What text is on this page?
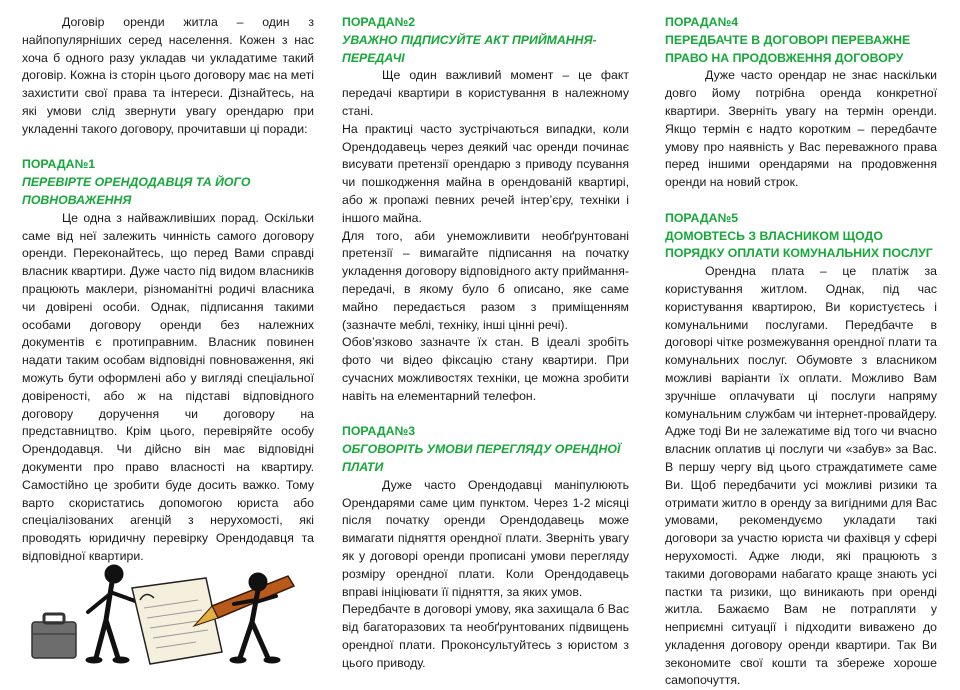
Договір оренди житла – один з найпопулярніших серед населення. Кожен з нас хоча б одного разу укладав чи укладатиме такий договір. Кожна із сторін цього договору має на меті захистити свої права та інтереси. Дізнайтесь, на які умови слід звернути увагу орендарю при укладенні такого договору, прочитавши ці поради:

ПОРАДА№1
ПЕРЕВІРТЕ ОРЕНДОДАВЦЯ ТА ЙОГО ПОВНОВАЖЕННЯ

Це одна з найважливіших порад. Оскільки саме від неї залежить чинність самого договору оренди. Переконайтесь, що перед Вами справді власник квартири. Дуже часто під видом власників працюють маклери, різноманітні родичі власника чи довірені особи. Однак, підписання такими особами договору оренди без належних документів є протиправним. Власник повинен надати таким особам відповідні повноваження, які можуть бути оформлені або у вигляді спеціальної довіреності, або ж на підставі відповідного договору доручення чи договору на представництво. Крім цього, перевіряйте особу Орендодавця. Чи дійсно він має відповідні документи про право власності на квартиру. Самостійно це зробити буде досить важко. Тому варто скористатись допомогою юриста або спеціалізованих агенцій з нерухомості, які проводять юридичну перевірку Орендодавця та відповідної квартири.

ПОРАДА№2
УВАЖНО ПІДПИСУЙТЕ АКТ ПРИЙМАННЯ-ПЕРЕДАЧІ

Ще один важливий момент – це факт передачі квартири в користування в належному стані.

На практиці часто зустрічаються випадки, коли Орендодавець через деякий час оренди починає висувати претензії орендарю з приводу псування чи пошкодження майна в орендованій квартирі, або ж пропажі певних речей інтер’єру, техніки і іншого майна.

Для того, аби унеможливити необґрунтовані претензії – вимагайте підписання на початку укладення договору відповідного акту приймання-передачі, в якому було б описано, яке саме майно передається разом з приміщенням (зазначте меблі, техніку, інші цінні речі).

Обов’язково зазначте їх стан. В ідеалі зробіть фото чи відео фіксацію стану квартири. При сучасних можливостях техніки, це можна зробити навіть на елементарний телефон.

ПОРАДА№3
ОБГОВОРІТЬ УМОВИ ПЕРЕГЛЯДУ ОРЕНДНОЇ ПЛАТИ

Дуже часто Орендодавці маніпулюють Орендарями саме цим пунктом. Через 1-2 місяці після початку оренди Орендодавець може вимагати підняття орендної плати. Зверніть увагу як у договорі оренди прописані умови перегляду розміру орендної плати. Коли Орендодавець вправі ініціювати її підняття, за яких умов.

Передбачте в договорі умову, яка захищала б Вас від багаторазових та необґрунтованих підвищень орендної плати. Проконсультуйтесь з юристом з цього приводу.

ПОРАДА№4
ПЕРЕДБАЧТЕ В ДОГОВОРІ ПЕРЕВАЖНЕ ПРАВО НА ПРОДОВЖЕННЯ ДОГОВОРУ

Дуже часто орендар не знає наскільки довго йому потрібна оренда конкретної квартири. Зверніть увагу на термін оренди. Якщо термін є надто коротким – передбачте умову про наявність у Вас переважного права перед іншими орендарями на продовження оренди на новий строк.

ПОРАДА№5
ДОМОВТЕСЬ З ВЛАСНИКОМ ЩОДО ПОРЯДКУ ОПЛАТИ КОМУНАЛЬНИХ ПОСЛУГ

Орендна плата – це платіж за користування житлом. Однак, під час користування квартирою, Ви користуєтесь і комунальними послугами. Передбачте в договорі чітке розмежування орендної плати та комунальних послуг. Обумовте з власником можливі варіанти їх оплати. Можливо Вам зручніше оплачувати ці послуги напряму комунальним службам чи інтернет-провайдеру. Адже тоді Ви не залежатиме від того чи вчасно власник оплатив ці послуги чи «забув» за Вас. В першу чергу від цього страждатимете саме Ви. Щоб передбачити усі можливі ризики та отримати житло в оренду за вигідними для Вас умовами, рекомендуємо укладати такі договори за участю юриста чи фахівця у сфері нерухомості. Адже люди, які працюють з такими договорами набагато краще знають усі пастки та ризики, що виникають при оренді житла. Бажаємо Вам не потрапляти у неприємні ситуації і підходити виважено до укладення договору оренди квартири. Так Ви зекономите свої кошти та збереже хороше самопочуття.
